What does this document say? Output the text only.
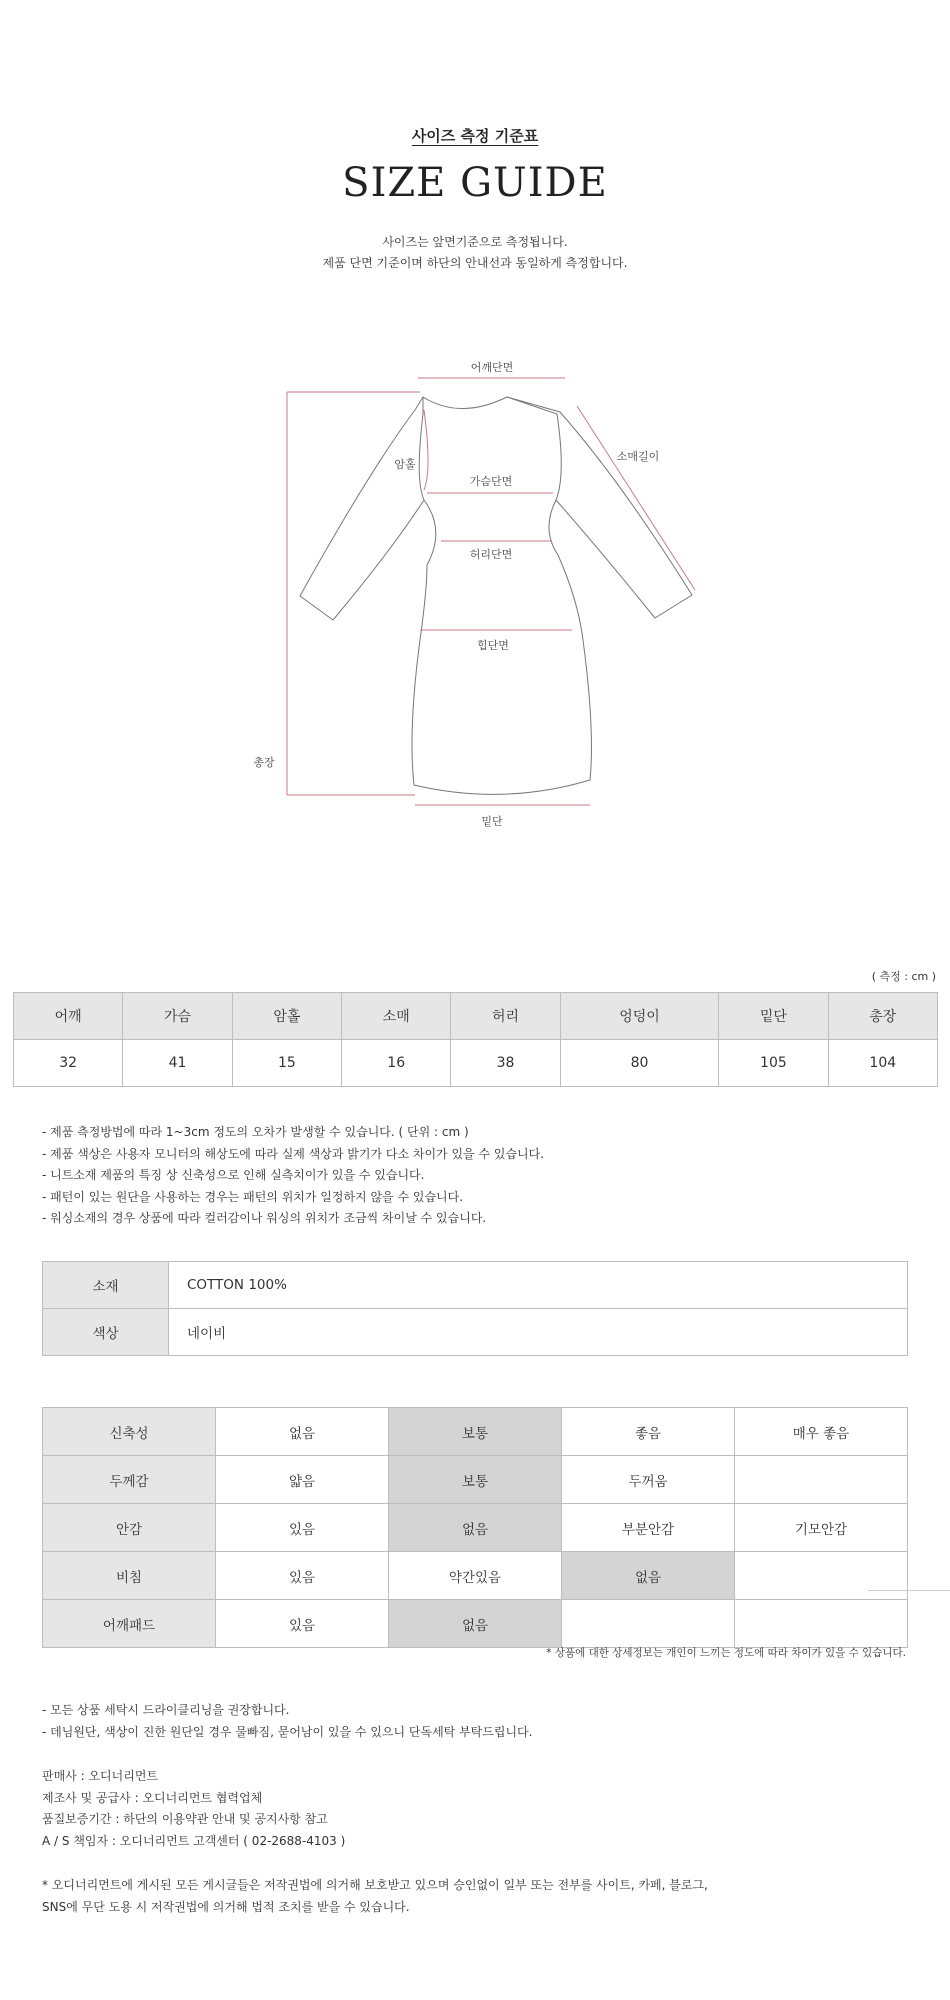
사이즈 측정 기준표
SIZE GUIDE
사이즈는 앞면기준으로 측정됩니다.
제품 단면 기준이며 하단의 안내선과 동일하게 측정합니다.
어깨단면
소매길이
암홀
가슴단면
허리단면
힙단면
총장
밑단
( 측정 : cm )
어깨	가슴	암홀	소매	허리	엉덩이	밑단	총장
32	41	15	16	38	80	105	104
- 제품 측정방법에 따라 1~3cm 정도의 오차가 발생할 수 있습니다. ( 단위 : cm )
- 제품 색상은 사용자 모니터의 해상도에 따라 실제 색상과 밝기가 다소 차이가 있을 수 있습니다.
- 니트소재 제품의 특징 상 신축성으로 인해 실측치이가 있을 수 있습니다.
- 패턴이 있는 원단을 사용하는 경우는 패턴의 위치가 일정하지 않을 수 있습니다.
- 워싱소재의 경우 상품에 따라 컬러감이나 워싱의 위치가 조금씩 차이날 수 있습니다.
소재	COTTON 100%
색상	네이비
신축성	없음	보통	좋음	매우 좋음
두께감	얇음	보통	두꺼움	
안감	있음	없음	부분안감	기모안감
비침	있음	약간있음	없음	
어깨패드	있음	없음		
* 상품에 대한 상세정보는 개인이 느끼는 정도에 따라 차이가 있을 수 있습니다.
- 모든 상품 세탁시 드라이클리닝을 권장합니다.
- 데님원단, 색상이 진한 원단일 경우 물빠짐, 묻어남이 있을 수 있으니 단독세탁 부탁드립니다.
판매사 : 오디너리먼트
제조사 및 공급사 : 오디너리먼트 협력업체
품질보증기간 : 하단의 이용약관 안내 및 공지사항 참고
A / S 책임자 : 오디너리먼트 고객센터 ( 02-2688-4103 )
* 오디너리먼트에 게시된 모든 게시글들은 저작권법에 의거해 보호받고 있으며 승인없이 일부 또는 전부를 사이트, 카페, 블로그,
SNS에 무단 도용 시 저작권법에 의거해 법적 조치를 받을 수 있습니다.
